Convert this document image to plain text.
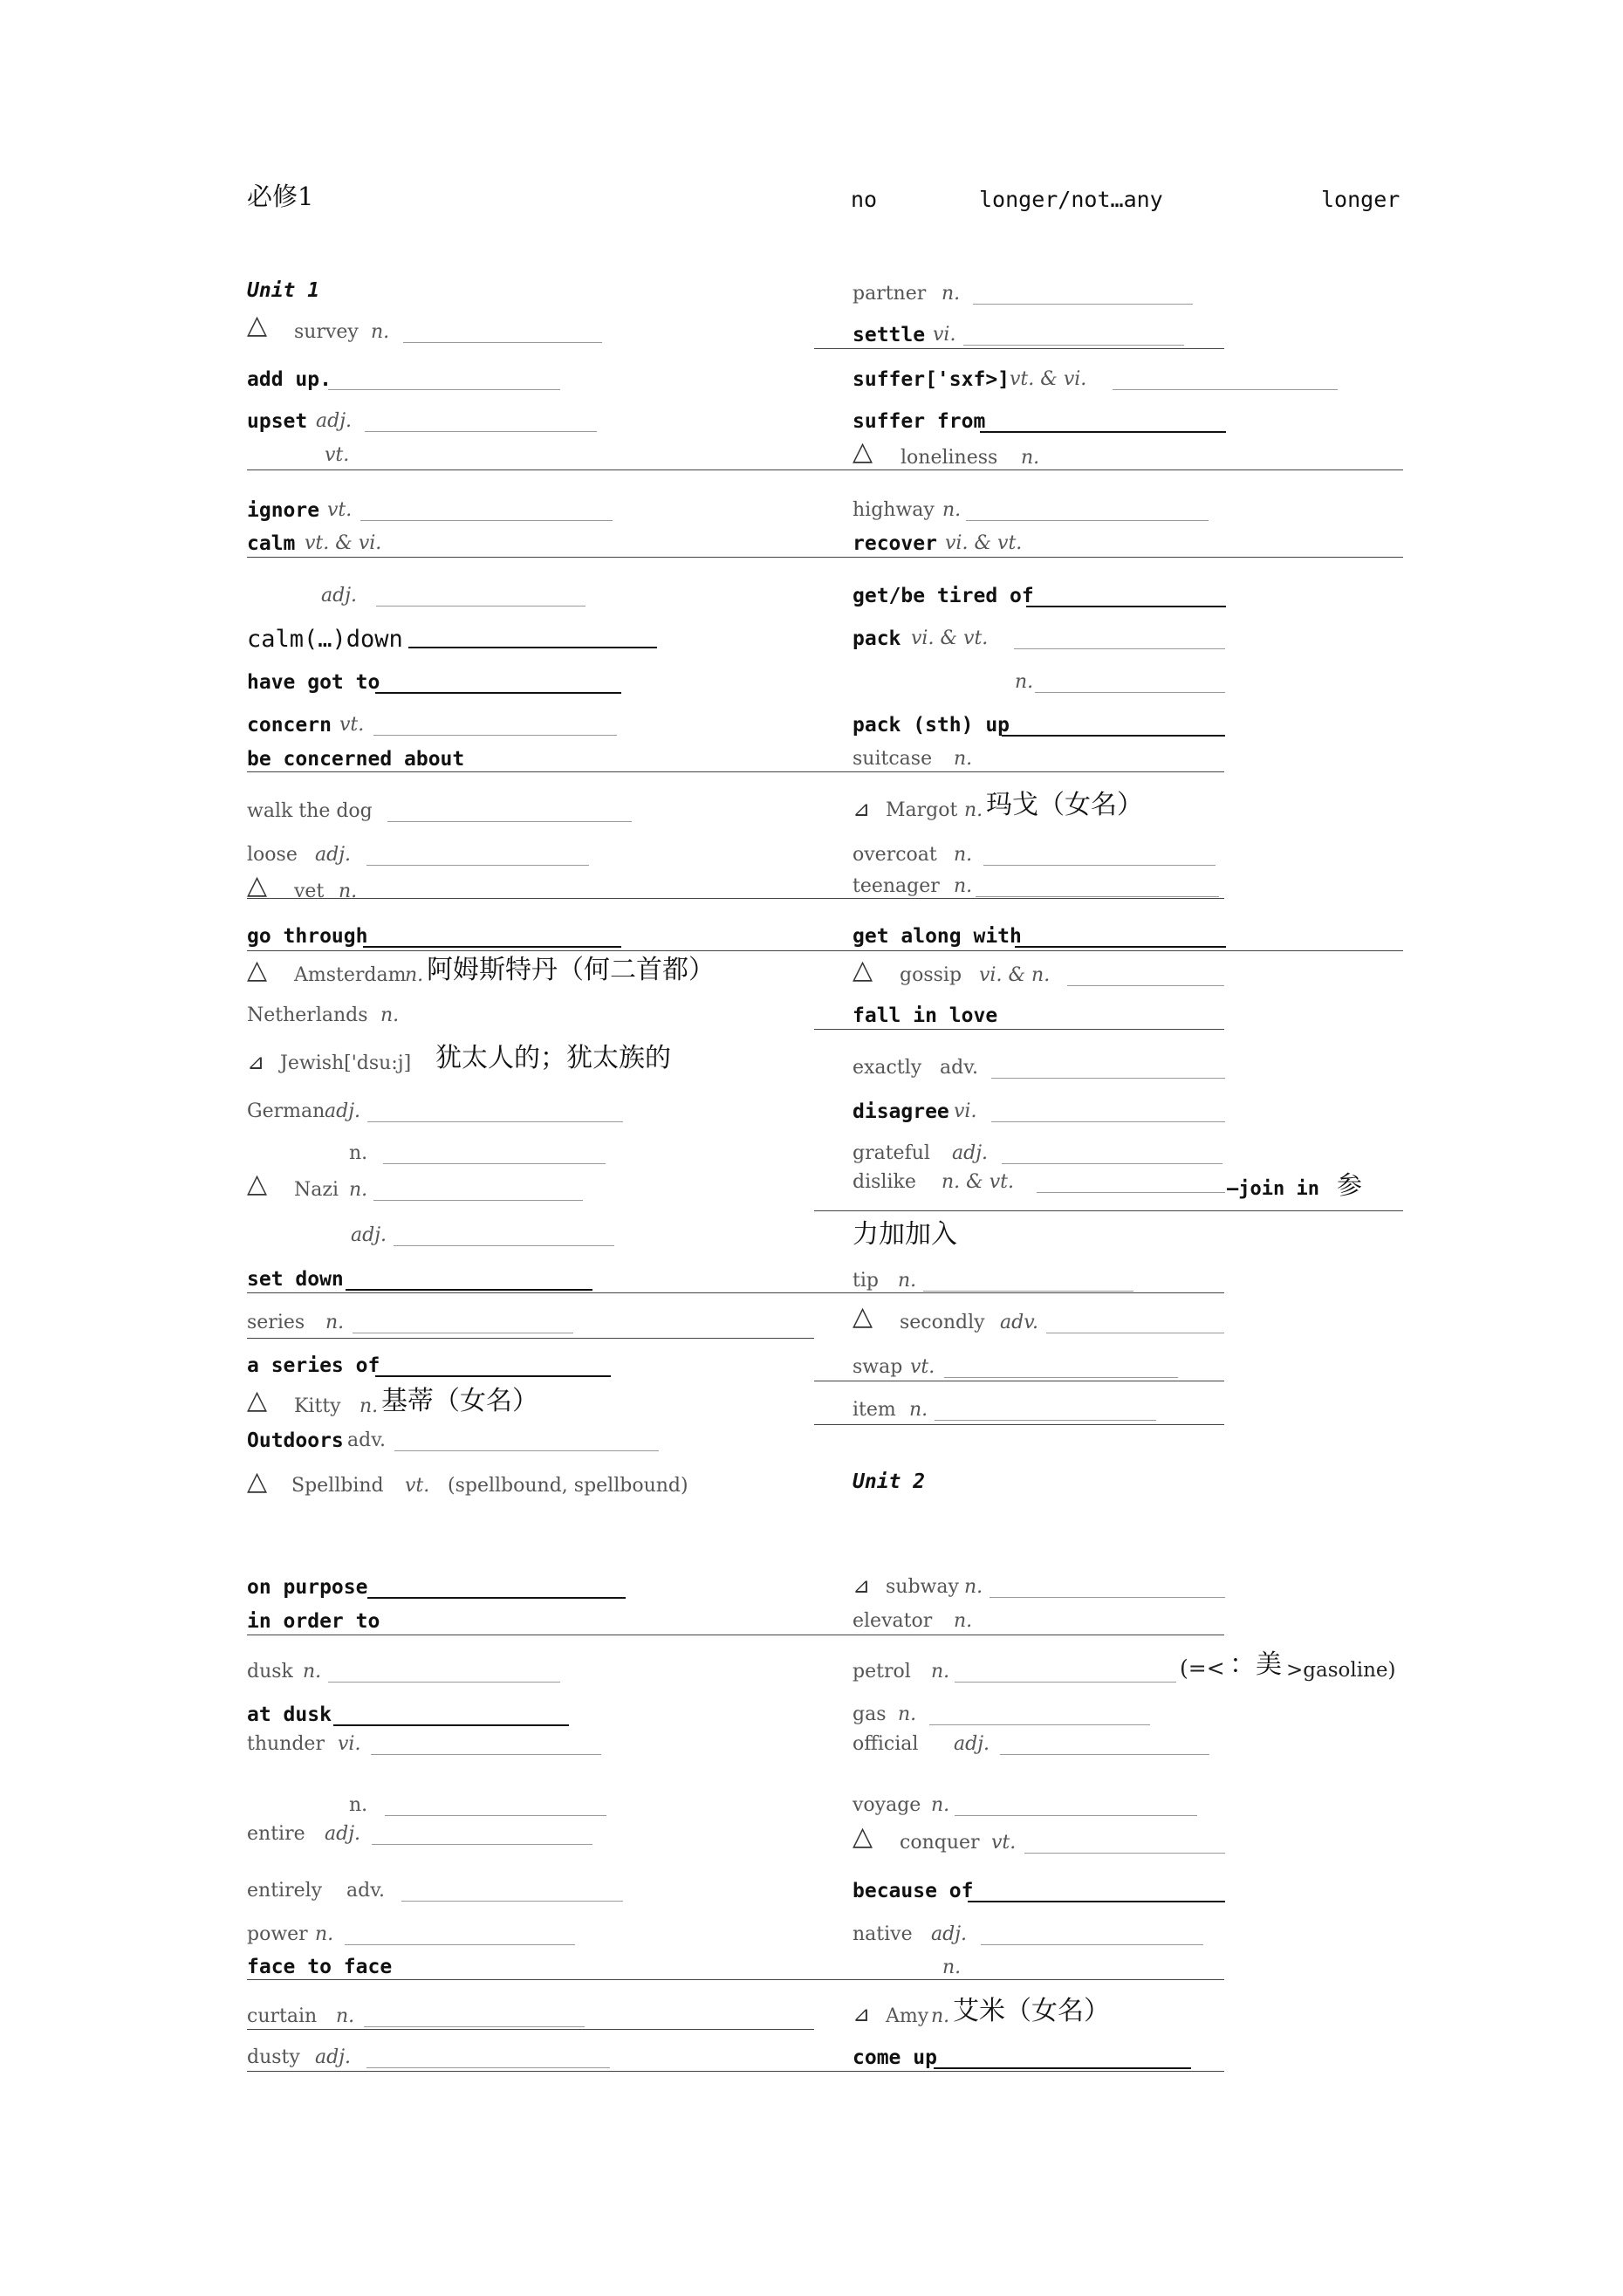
必修1	no	longer/not…any	longer
Unit 1
△ survey n.
add up.
upset adj.
vt.
ignore vt.
calm vt. & vi.
adj.
calm(…)down
have got to
concern vt.
be concerned about
walk the dog
loose adj.
△ vet n.
go through
△ Amsterdam
n. 阿姆斯特丹（何二首都）
Netherlands n.
⊿ Jewish['dsu:j] 犹太人的；犹太族的
German adj.
n.
△ Nazi n.
adj.
set down
series n.
a series of
△ Kitty n. 基蒂（女名）
Outdoors adv.
△ Spellbind vt. (spellbound, spellbound)
on purpose
in order to
dusk n.
at dusk
thunder vi.
n.
entire adj.
entirely adv.
power n.
face to face
curtain n.
dusty adj.
partner n.
settle vi.
suffer['sxf>] vt. & vi.
suffer from
△ loneliness n.
highway n.
recover vi. & vt.
get/be tired of
pack vi. & vt.
n.
pack (sth) up
suitcase n.
⊿ Margot n. 玛戈（女名）
overcoat n.
teenager n.
get along with
△ gossip vi. & n.
fall in love
exactly adv.
disagree vi.
grateful adj.
dislike n. & vt.	—join in 参
力加加入
tip n.
△ secondly adv.
swap vt.
item n.
Unit 2
⊿ subway n.
elevator n.
petrol n.	(=< ：美 >gasoline)
gas n.
official adj.
voyage n.
△ conquer vt.
because of
native adj.
n.
⊿ Amy n. 艾米（女名）
come up
